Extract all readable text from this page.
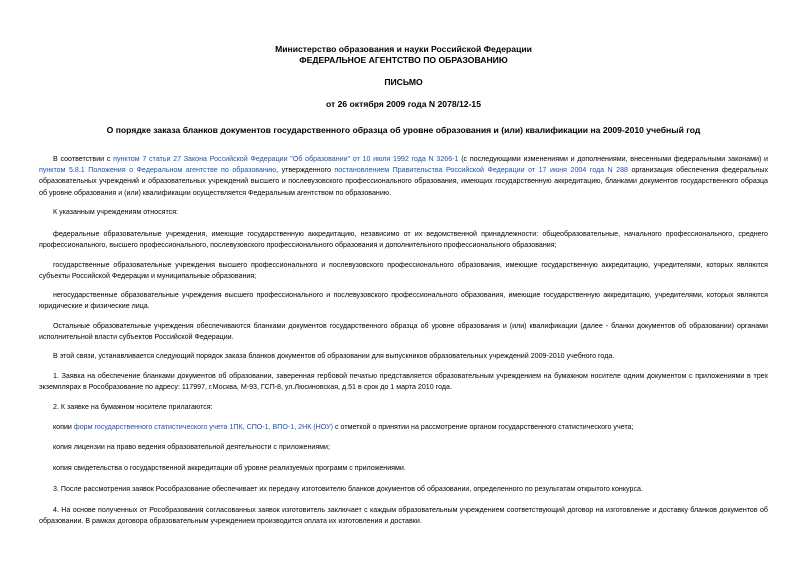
Министерство образования и науки Российской Федерации
ФЕДЕРАЛЬНОЕ АГЕНТСТВО ПО ОБРАЗОВАНИЮ
ПИСЬМО
от 26 октября 2009 года N 2078/12-15
О порядке заказа бланков документов государственного образца об уровне образования и (или) квалификации на 2009-2010 учебный год
В соответствии с пунктом 7 статьи 27 Закона Российской Федерации "Об образовании" от 10 июля 1992 года N 3266-1 (с последующими изменениями и дополнениями, внесенными федеральными законами) и пунктом 5.8.1 Положения о Федеральном агентстве по образованию, утвержденного постановлением Правительства Российской Федерации от 17 июня 2004 года N 288 организация обеспечения федеральных образовательных учреждений и образовательных учреждений высшего и послевузовского профессионального образования, имеющих государственную аккредитацию, бланками документов государственного образца об уровне образования и (или) квалификации осуществляется Федеральным агентством по образованию.
К указанным учреждениям относятся:
федеральные образовательные учреждения, имеющие государственную аккредитацию, независимо от их ведомственной принадлежности: общеобразовательные, начального профессионального, среднего профессионального, высшего профессионального, послевузовского профессионального образования и дополнительного профессионального образования;
государственные образовательные учреждения высшего профессионального и послевузовского профессионального образования, имеющие государственную аккредитацию, учредителями, которых являются субъекты Российской Федерации и муниципальные образования;
негосударственные образовательные учреждения высшего профессионального и послевузовского профессионального образования, имеющие государственную аккредитацию, учредителями, которых являются юридические и физические лица.
Остальные образовательные учреждения обеспечиваются бланками документов государственного образца об уровне образования и (или) квалификации (далее - бланки документов об образовании) органами исполнительной власти субъектов Российской Федерации.
В этой связи, устанавливается следующий порядок заказа бланков документов об образовании для выпускников образовательных учреждений 2009-2010 учебного года.
1. Заявка на обеспечение бланками документов об образовании, заверенная гербовой печатью представляется образовательным учреждением на бумажном носителе одним документом с приложениями в трех экземплярах в Рособразование по адресу: 117997, г.Москва, М-93, ГСП-8, ул.Люсиновская, д.51 в срок до 1 марта 2010 года.
2. К заявке на бумажном носителе прилагаются:
копии форм государственного статистического учета 1ПК, СПО-1, ВПО-1, 2НК (НОУ) с отметкой о принятии на рассмотрение органом государственного статистического учета;
копия лицензии на право ведения образовательной деятельности с приложениями;
копия свидетельства о государственной аккредитации об уровне реализуемых программ с приложениями.
3. После рассмотрения заявок Рособразование обеспечивает их передачу изготовителю бланков документов об образовании, определенного по результатам открытого конкурса.
4. На основе полученных от Рособразования согласованных заявок изготовитель заключает с каждым образовательным учреждением соответствующий договор на изготовление и доставку бланков документов об образовании. В рамках договора образовательным учреждением производится оплата их изготовления и доставки.
